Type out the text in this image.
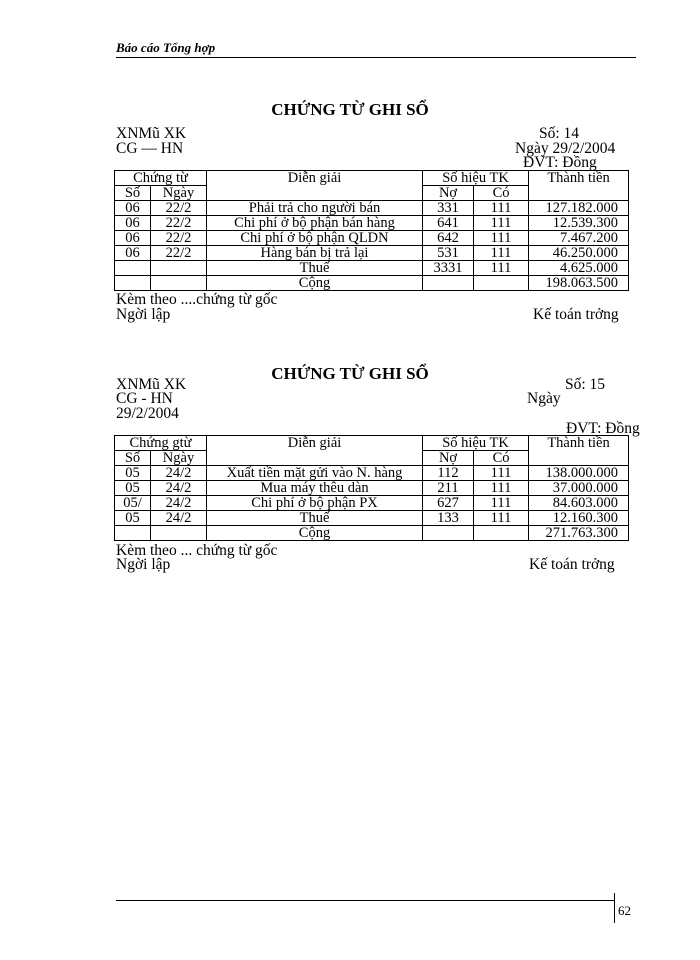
Báo cáo Tổng hợp
CHỨNG TỪ GHI SỔ
XNMũ XK	Số: 14
CG — HN	Ngày 29/2/2004
ĐVT: Đồng
Chứng từ		Diễn giải	Số hiệu TK		Thành tiền
Số	Ngày		Nợ	Có	
06	22/2	Phải trả cho người bán	331	111	127.182.000
06	22/2	Chi phí ở bộ phận bán hàng	641	111	12.539.300
06	22/2	Chi phí ở bộ phận QLDN	642	111	7.467.200
06	22/2	Hàng bán bị trả lại	531	111	46.250.000
		Thuế	3331	111	4.625.000
		Cộng			198.063.500
Kèm theo ....chứng từ gốc
Ngời lập	Kế toán trởng
CHỨNG TỪ GHI SỔ
XNMũ XK	Số: 15
CG - HN	Ngày
29/2/2004
ĐVT: Đồng
Chứng gtừ		Diễn giải	Số hiệu TK		Thành tiền
Số	Ngày		Nợ	Có	
05	24/2	Xuất tiền mặt gửi vào N. hàng	112	111	138.000.000
05	24/2	Mua máy thêu dàn	211	111	37.000.000
05/	24/2	Chi phí ở bộ phận PX	627	111	84.603.000
05	24/2	Thuế	133	111	12.160.300
		Cộng			271.763.300
Kèm theo ... chứng từ gốc
Ngời lập	Kế toán trởng
62
